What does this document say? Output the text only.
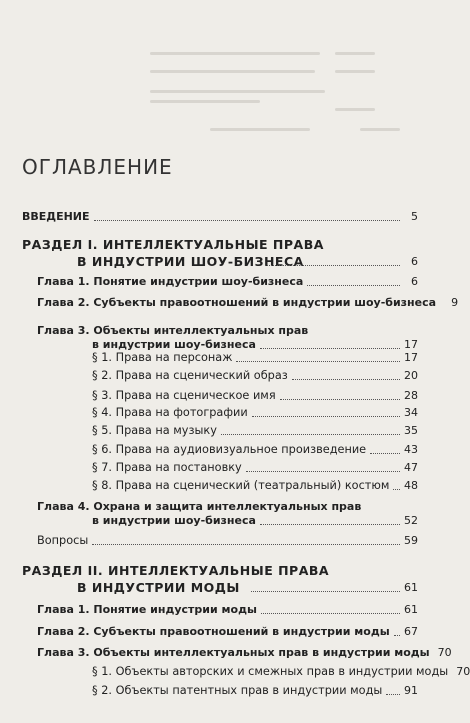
ОГЛАВЛЕНИЕ
ВВЕДЕНИЕ	5
РАЗДЕЛ I. ИНТЕЛЛЕКТУАЛЬНЫЕ ПРАВА
В ИНДУСТРИИ ШОУ-БИЗНЕСА	6
Глава 1. Понятие индустрии шоу-бизнеса	6
Глава 2. Субъекты правоотношений в индустрии шоу-бизнеса	9
Глава 3. Объекты интеллектуальных прав
в индустрии шоу-бизнеса	17
§ 1. Права на персонаж	17
§ 2. Права на сценический образ	20
§ 3. Права на сценическое имя	28
§ 4. Права на фотографии	34
§ 5. Права на музыку	35
§ 6. Права на аудиовизуальное произведение	43
§ 7. Права на постановку	47
§ 8. Права на сценический (театральный) костюм 48
Глава 4. Охрана и защита интеллектуальных прав
в индустрии шоу-бизнеса	52
Вопросы	59
РАЗДЕЛ II. ИНТЕЛЛЕКТУАЛЬНЫЕ ПРАВА
В ИНДУСТРИИ МОДЫ	61
Глава 1. Понятие индустрии моды	61
Глава 2. Субъекты правоотношений в индустрии моды 67
Глава 3. Объекты интеллектуальных прав в индустрии моды 70
§ 1. Объекты авторских и смежных прав в индустрии моды 70
§ 2. Объекты патентных прав в индустрии моды 91
